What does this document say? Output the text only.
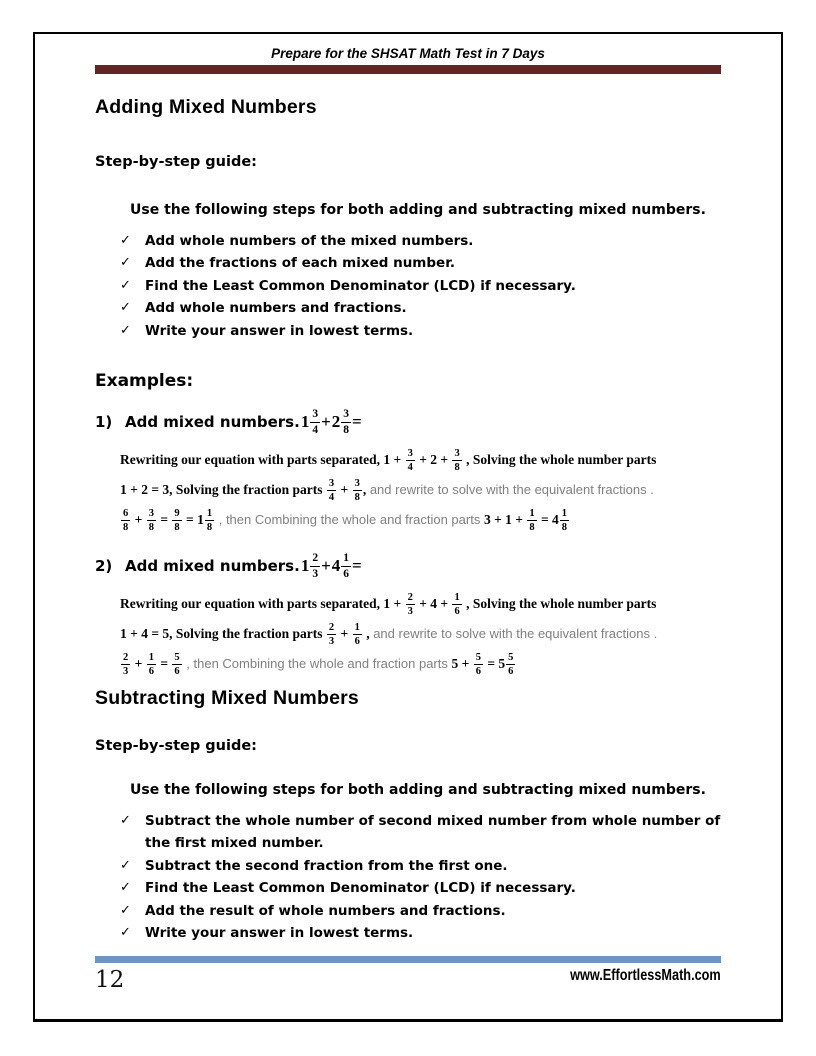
Prepare for the SHSAT Math Test in 7 Days
Adding Mixed Numbers
Step-by-step guide:
Use the following steps for both adding and subtracting mixed numbers.
✓	Add whole numbers of the mixed numbers.
✓	Add the fractions of each mixed number.
✓	Find the Least Common Denominator (LCD) if necessary.
✓	Add whole numbers and fractions.
✓	Write your answer in lowest terms.
Examples:
1) Add mixed numbers. $1 \frac{3}{4} + 2 \frac{3}{8}$ =
Rewriting our equation with parts separated, $1 + \frac{3}{4} + 2 + \frac{3}{8}$ , Solving the whole number parts
1 + 2 = 3, Solving the fraction parts $\frac{3}{4} + \frac{3}{8}$ , and rewrite to solve with the equivalent fractions .

$\frac{6}{8} + \frac{3}{8} = \frac{9}{8} = 1 \frac{1}{8}$ , then Combining the whole and fraction parts $3 + 1 + \frac{1}{8} = 4 \frac{1}{8}$
2) Add mixed numbers. $1 \frac{2}{3} + 4 \frac{1}{6}$ =
Rewriting our equation with parts separated, $1 + \frac{2}{3} + 4 + \frac{1}{6}$ , Solving the whole number parts
1 + 4 = 5, Solving the fraction parts $\frac{2}{3} + \frac{1}{6}$ , and rewrite to solve with the equivalent fractions .

$\frac{2}{3} + \frac{1}{6} = \frac{5}{6}$ , then Combining the whole and fraction parts $5 + \frac{5}{6} = 5 \frac{5}{6}$
Subtracting Mixed Numbers
Step-by-step guide:
Use the following steps for both adding and subtracting mixed numbers.
✓	Subtract the whole number of second mixed number from whole number of the first mixed number.
✓	Subtract the second fraction from the first one.
✓	Find the Least Common Denominator (LCD) if necessary.
✓	Add the result of whole numbers and fractions.
✓	Write your answer in lowest terms.
12	www.EffortlessMath.com
